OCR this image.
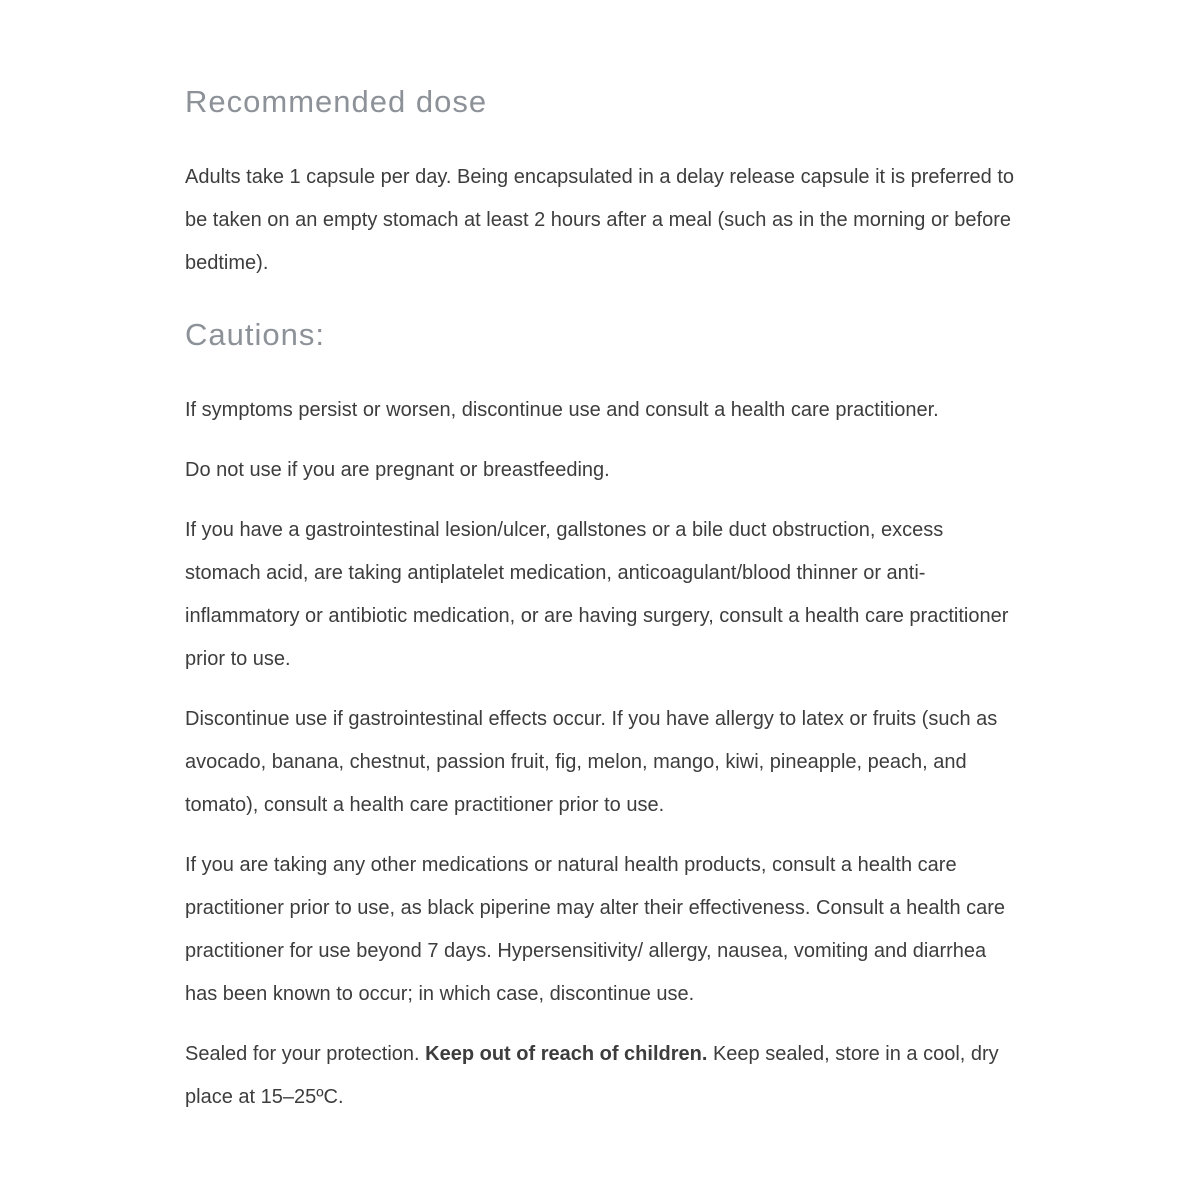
Recommended dose

Adults take 1 capsule per day. Being encapsulated in a delay release capsule it is preferred to be taken on an empty stomach at least 2 hours after a meal (such as in the morning or before bedtime).

Cautions:

If symptoms persist or worsen, discontinue use and consult a health care practitioner.

Do not use if you are pregnant or breastfeeding.

If you have a gastrointestinal lesion/ulcer, gallstones or a bile duct obstruction, excess stomach acid, are taking antiplatelet medication, anticoagulant/blood thinner or anti-inflammatory or antibiotic medication, or are having surgery, consult a health care practitioner prior to use.

Discontinue use if gastrointestinal effects occur. If you have allergy to latex or fruits (such as avocado, banana, chestnut, passion fruit, fig, melon, mango, kiwi, pineapple, peach, and tomato), consult a health care practitioner prior to use.

If you are taking any other medications or natural health products, consult a health care practitioner prior to use, as black piperine may alter their effectiveness. Consult a health care practitioner for use beyond 7 days. Hypersensitivity/ allergy, nausea, vomiting and diarrhea has been known to occur; in which case, discontinue use.

Sealed for your protection. Keep out of reach of children. Keep sealed, store in a cool, dry place at 15–25ºC.
